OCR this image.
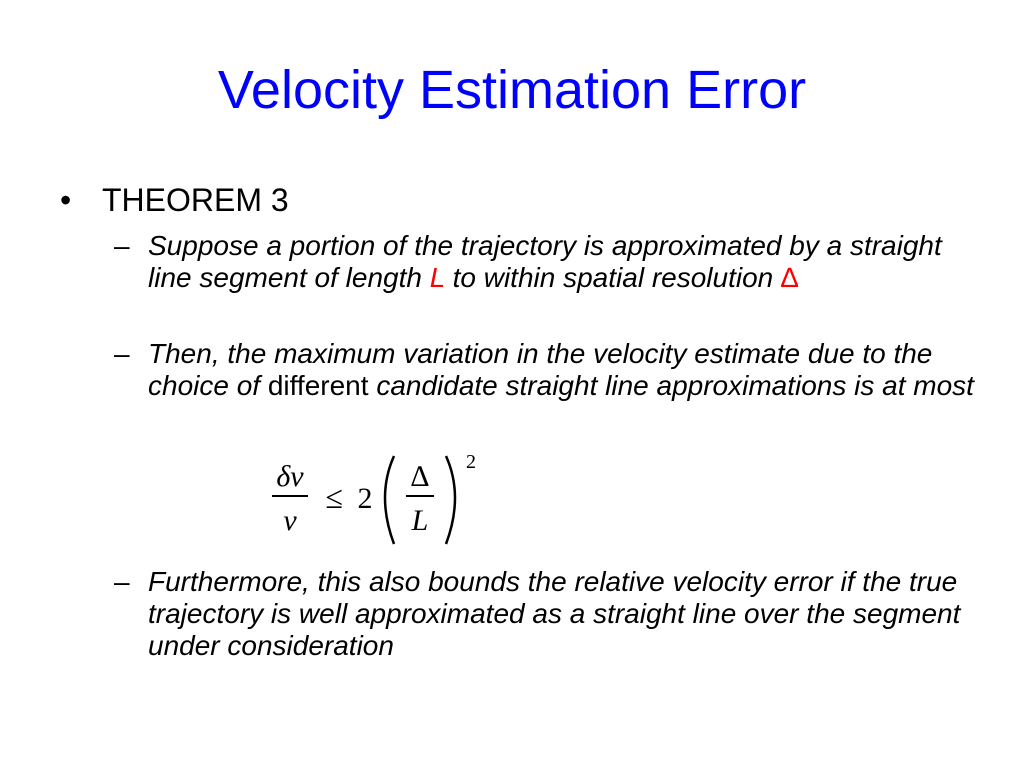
Velocity Estimation Error
• THEOREM 3
– Suppose a portion of the trajectory is approximated by a straight line segment of length L to within spatial resolution ∆
– Then, the maximum variation in the velocity estimate due to the choice of different candidate straight line approximations is at most
δv
v
≤ 2
∆
L
2
– Furthermore, this also bounds the relative velocity error if the true trajectory is well approximated as a straight line over the segment under consideration
